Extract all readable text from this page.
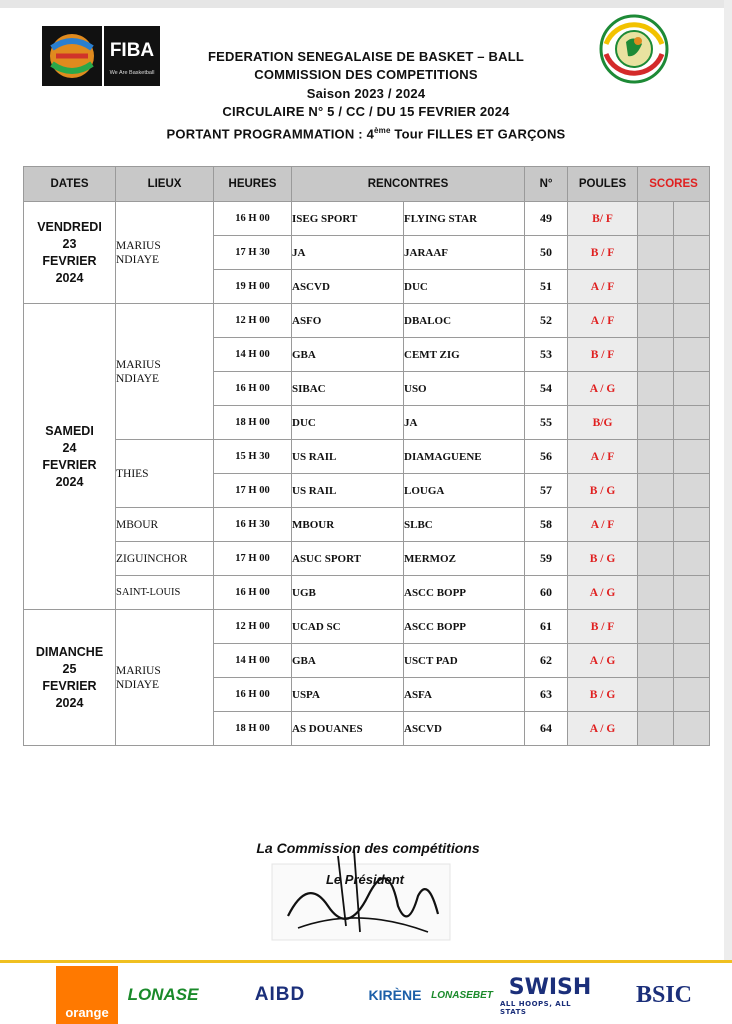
FIBA
We Are Basketball
FEDERATION SENEGALAISE DE BASKET – BALL
COMMISSION DES COMPETITIONS
Saison 2023 / 2024
CIRCULAIRE N° 5 / CC / DU 15 FEVRIER 2024
PORTANT PROGRAMMATION : 4ème Tour FILLES ET GARÇONS
DATES	LIEUX	HEURES	RENCONTRES		N°	POULES	SCORES	

VENDREDI
23
FEVRIER
2024	MARIUS
NDIAYE	16 H 00	ISEG SPORT	FLYING STAR	49	B/ F		
		17 H 30	JA	JARAAF	50	B / F		
		19 H 00	ASCVD	DUC	51	A / F		

SAMEDI
24
FEVRIER
2024	MARIUS
NDIAYE	12 H 00	ASFO	DBALOC	52	A / F		
		14 H 00	GBA	CEMT ZIG	53	B / F		
		16 H 00	SIBAC	USO	54	A / G		
		18 H 00	DUC	JA	55	B/G		

	THIES	15 H 30	US RAIL	DIAMAGUENE	56	A / F		
		17 H 00	US RAIL	LOUGA	57	B / G		

	MBOUR	16 H 30	MBOUR	SLBC	58	A / F		

	ZIGUINCHOR	17 H 00	ASUC SPORT	MERMOZ	59	B / G		

	SAINT-LOUIS	16 H 00	UGB	ASCC BOPP	60	A / G		

DIMANCHE
25
FEVRIER
2024	MARIUS
NDIAYE	12 H 00	UCAD SC	ASCC BOPP	61	B / F		
		14 H 00	GBA	USCT PAD	62	A / G		
		16 H 00	USPA	ASFA	63	B / G		
		18 H 00	AS DOUANES	ASCVD	64	A / G		
La Commission des compétitions
Le Président
orange
LONASE	AIBD	KIRÈNE LONASEBET SWISH
ALL HOOPS, ALL STATS
BSIC
